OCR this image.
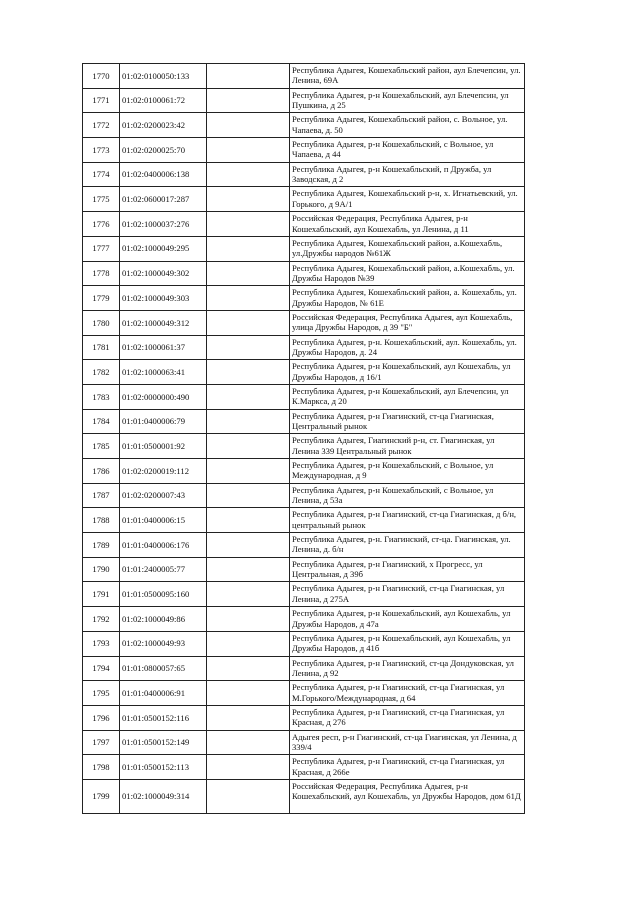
1770	01:02:0100050:133		Республика Адыгея, Кошехабльский район, аул Блечепсин, ул. Ленина, 69А
1771	01:02:0100061:72		Республика Адыгея, р-н Кошехабльский, аул Блечепсин, ул Пушкина, д 25
1772	01:02:0200023:42		Республика Адыгея, Кошехабльский район, с. Вольное, ул. Чапаева, д. 50
1773	01:02:0200025:70		Республика Адыгея, р-н Кошехабльский, с Вольное, ул Чапаева, д 44
1774	01:02:0400006:138		Республика Адыгея, р-н Кошехабльский, п Дружба, ул Заводская, д 2
1775	01:02:0600017:287		Республика Адыгея, Кошехабльский р-н, х. Игнатьевский, ул. Горького, д 9А/1
1776	01:02:1000037:276		Российская Федерация, Республика Адыгея, р-н Кошехабльский, аул Кошехабль, ул Ленина, д 11
1777	01:02:1000049:295		Республика Адыгея, Кошехабльский район, а.Кошехабль, ул.Дружбы народов №61Ж
1778	01:02:1000049:302		Республика Адыгея, Кошехабльский район, а.Кошехабль, ул. Дружбы Народов №39
1779	01:02:1000049:303		Республика Адыгея, Кошехабльский район, а. Кошехабль, ул. Дружбы Народов, № 61Е
1780	01:02:1000049:312		Российская Федерация, Республика Адыгея, аул Кошехабль, улица Дружбы Народов, д 39 "Б"
1781	01:02:1000061:37		Республика Адыгея, р-н. Кошехабльский, аул. Кошехабль, ул. Дружбы Народов, д. 24
1782	01:02:1000063:41		Республика Адыгея, р-н Кошехабльский, аул Кошехабль, ул Дружбы Народов, д 16/1
1783	01:02:0000000:490		Республика Адыгея, р-н Кошехабльский, аул Блечепсин, ул К.Маркса, д 20
1784	01:01:0400006:79		Республика Адыгея, р-н Гиагинский, ст-ца Гиагинская, Центральный рынок
1785	01:01:0500001:92		Республика Адыгея, Гиагинский р-н, ст. Гиагинская, ул Ленина 339 Центральный рынок
1786	01:02:0200019:112		Республика Адыгея, р-н Кошехабльский, с Вольное, ул Международная, д 9
1787	01:02:0200007:43		Республика Адыгея, р-н Кошехабльский, с Вольное, ул Ленина, д 53а
1788	01:01:0400006:15		Республика Адыгея, р-н Гиагинский, ст-ца Гиагинская, д б/н, центральный рынок
1789	01:01:0400006:176		Республика Адыгея, р-н. Гиагинский, ст-ца. Гиагинская, ул. Ленина, д. б/н
1790	01:01:2400005:77		Республика Адыгея, р-н Гиагинский, х Прогресс, ул Центральная, д 39б
1791	01:01:0500095:160		Республика Адыгея, р-н Гиагинский, ст-ца Гиагинская, ул Ленина, д 275А
1792	01:02:1000049:86		Республика Адыгея, р-н Кошехабльский, аул Кошехабль, ул Дружбы Народов, д 47а
1793	01:02:1000049:93		Республика Адыгея, р-н Кошехабльский, аул Кошехабль, ул Дружбы Народов, д 41б
1794	01:01:0800057:65		Республика Адыгея, р-н Гиагинский, ст-ца Дондуковская, ул Ленина, д 92
1795	01:01:0400006:91		Республика Адыгея, р-н Гиагинский, ст-ца Гиагинская, ул М.Горького/Международная, д 64
1796	01:01:0500152:116		Республика Адыгея, р-н Гиагинский, ст-ца Гиагинская, ул Красная, д 276
1797	01:01:0500152:149		Адыгея респ, р-н Гиагинский, ст-ца Гиагинская, ул Ленина, д 339/4
1798	01:01:0500152:113		Республика Адыгея, р-н Гиагинский, ст-ца Гиагинская, ул Красная, д 266е
1799	01:02:1000049:314		Российская Федерация, Республика Адыгея, р-н Кошехабльский, аул Кошехабль, ул Дружбы Народов, дом 61Д
